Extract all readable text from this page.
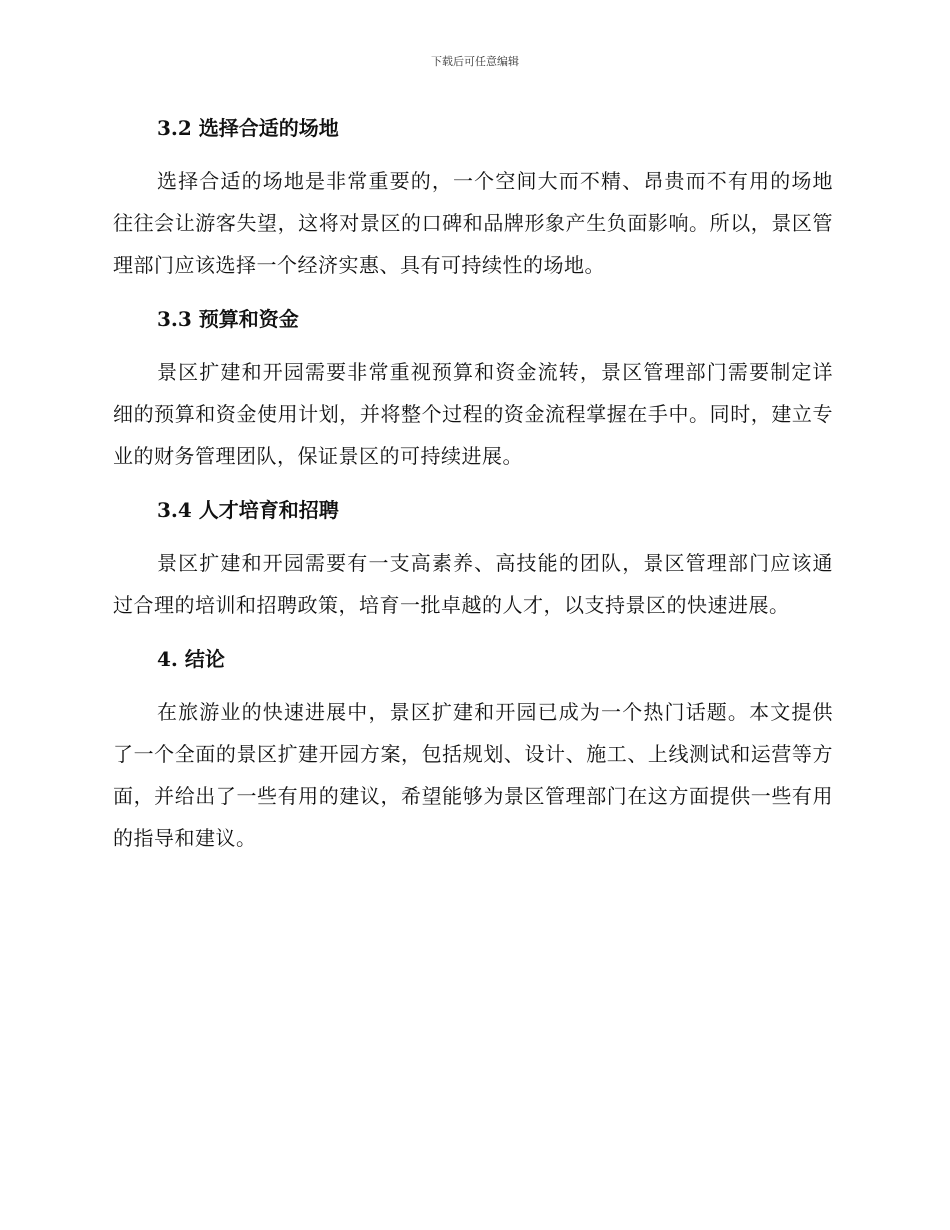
下载后可任意编辑
3.2 选择合适的场地

选择合适的场地是非常重要的，一个空间大而不精、昂贵而不有用的场地往往会让游客失望，这将对景区的口碑和品牌形象产生负面影响。所以，景区管理部门应该选择一个经济实惠、具有可持续性的场地。

3.3 预算和资金

景区扩建和开园需要非常重视预算和资金流转，景区管理部门需要制定详细的预算和资金使用计划，并将整个过程的资金流程掌握在手中。同时，建立专业的财务管理团队，保证景区的可持续进展。

3.4 人才培育和招聘

景区扩建和开园需要有一支高素养、高技能的团队，景区管理部门应该通过合理的培训和招聘政策，培育一批卓越的人才，以支持景区的快速进展。

4. 结论

在旅游业的快速进展中，景区扩建和开园已成为一个热门话题。本文提供了一个全面的景区扩建开园方案，包括规划、设计、施工、上线测试和运营等方面，并给出了一些有用的建议，希望能够为景区管理部门在这方面提供一些有用的指导和建议。
